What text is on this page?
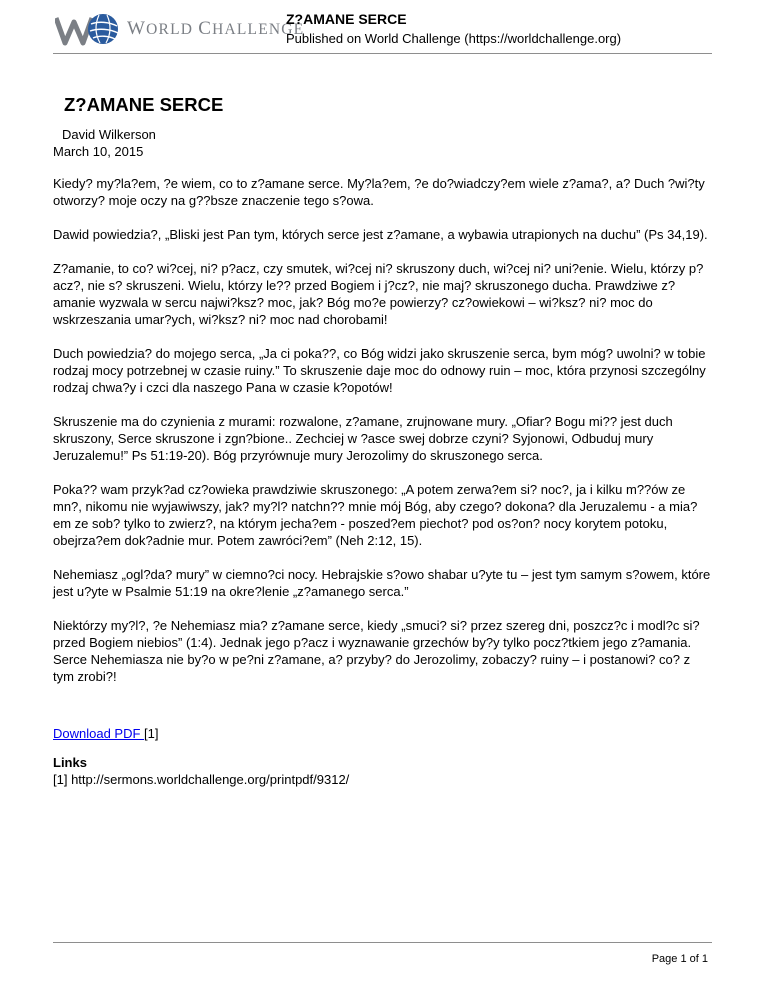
WORLD CHALLENGE
Z?AMANE SERCE
Published on World Challenge (https://worldchallenge.org)
Z?AMANE SERCE
David Wilkerson
March 10, 2015

Kiedy? my?la?em, ?e wiem, co to z?amane serce. My?la?em, ?e do?wiadczy?em wiele z?ama?, a? Duch ?wi?ty otworzy? moje oczy na g??bsze znaczenie tego s?owa.

Dawid powiedzia?, „Bliski jest Pan tym, których serce jest z?amane, a wybawia utrapionych na duchu” (Ps 34,19).

Z?amanie, to co? wi?cej, ni? p?acz, czy smutek, wi?cej ni? skruszony duch, wi?cej ni? uni?enie. Wielu, którzy p?acz?, nie s? skruszeni. Wielu, którzy le?? przed Bogiem i j?cz?, nie maj? skruszonego ducha. Prawdziwe z?amanie wyzwala w sercu najwi?ksz? moc, jak? Bóg mo?e powierzy? cz?owiekowi – wi?ksz? ni? moc do wskrzeszania umar?ych, wi?ksz? ni? moc nad chorobami!

Duch powiedzia? do mojego serca, „Ja ci poka??, co Bóg widzi jako skruszenie serca, bym móg? uwolni? w tobie rodzaj mocy potrzebnej w czasie ruiny.” To skruszenie daje moc do odnowy ruin – moc, która przynosi szczególny rodzaj chwa?y i czci dla naszego Pana w czasie k?opotów!

Skruszenie ma do czynienia z murami: rozwalone, z?amane, zrujnowane mury. „Ofiar? Bogu mi?? jest duch skruszony, Serce skruszone i zgn?bione.. Zechciej w ?asce swej dobrze czyni? Syjonowi, Odbuduj mury Jeruzalemu!” Ps 51:19-20). Bóg przyrównuje mury Jerozolimy do skruszonego serca.

Poka?? wam przyk?ad cz?owieka prawdziwie skruszonego: „A potem zerwa?em si? noc?, ja i kilku m??ów ze mn?, nikomu nie wyjawiwszy, jak? my?l? natchn?? mnie mój Bóg, aby czego? dokona? dla Jeruzalemu - a mia?em ze sob? tylko to zwierz?, na którym jecha?em - poszed?em piechot? pod os?on? nocy korytem potoku, obejrza?em dok?adnie mur. Potem zawróci?em” (Neh 2:12, 15).

Nehemiasz „ogl?da? mury” w ciemno?ci nocy. Hebrajskie s?owo shabar u?yte tu – jest tym samym s?owem, które jest u?yte w Psalmie 51:19 na okre?lenie „z?amanego serca.”

Niektórzy my?l?, ?e Nehemiasz mia? z?amane serce, kiedy „smuci? si? przez szereg dni, poszcz?c i modl?c si? przed Bogiem niebios” (1:4). Jednak jego p?acz i wyznawanie grzechów by?y tylko pocz?tkiem jego z?amania. Serce Nehemiasza nie by?o w pe?ni z?amane, a? przyby? do Jerozolimy, zobaczy? ruiny – i postanowi? co? z tym zrobi?!

Download PDF [1]
Links
[1] http://sermons.worldchallenge.org/printpdf/9312/
Page 1 of 1
